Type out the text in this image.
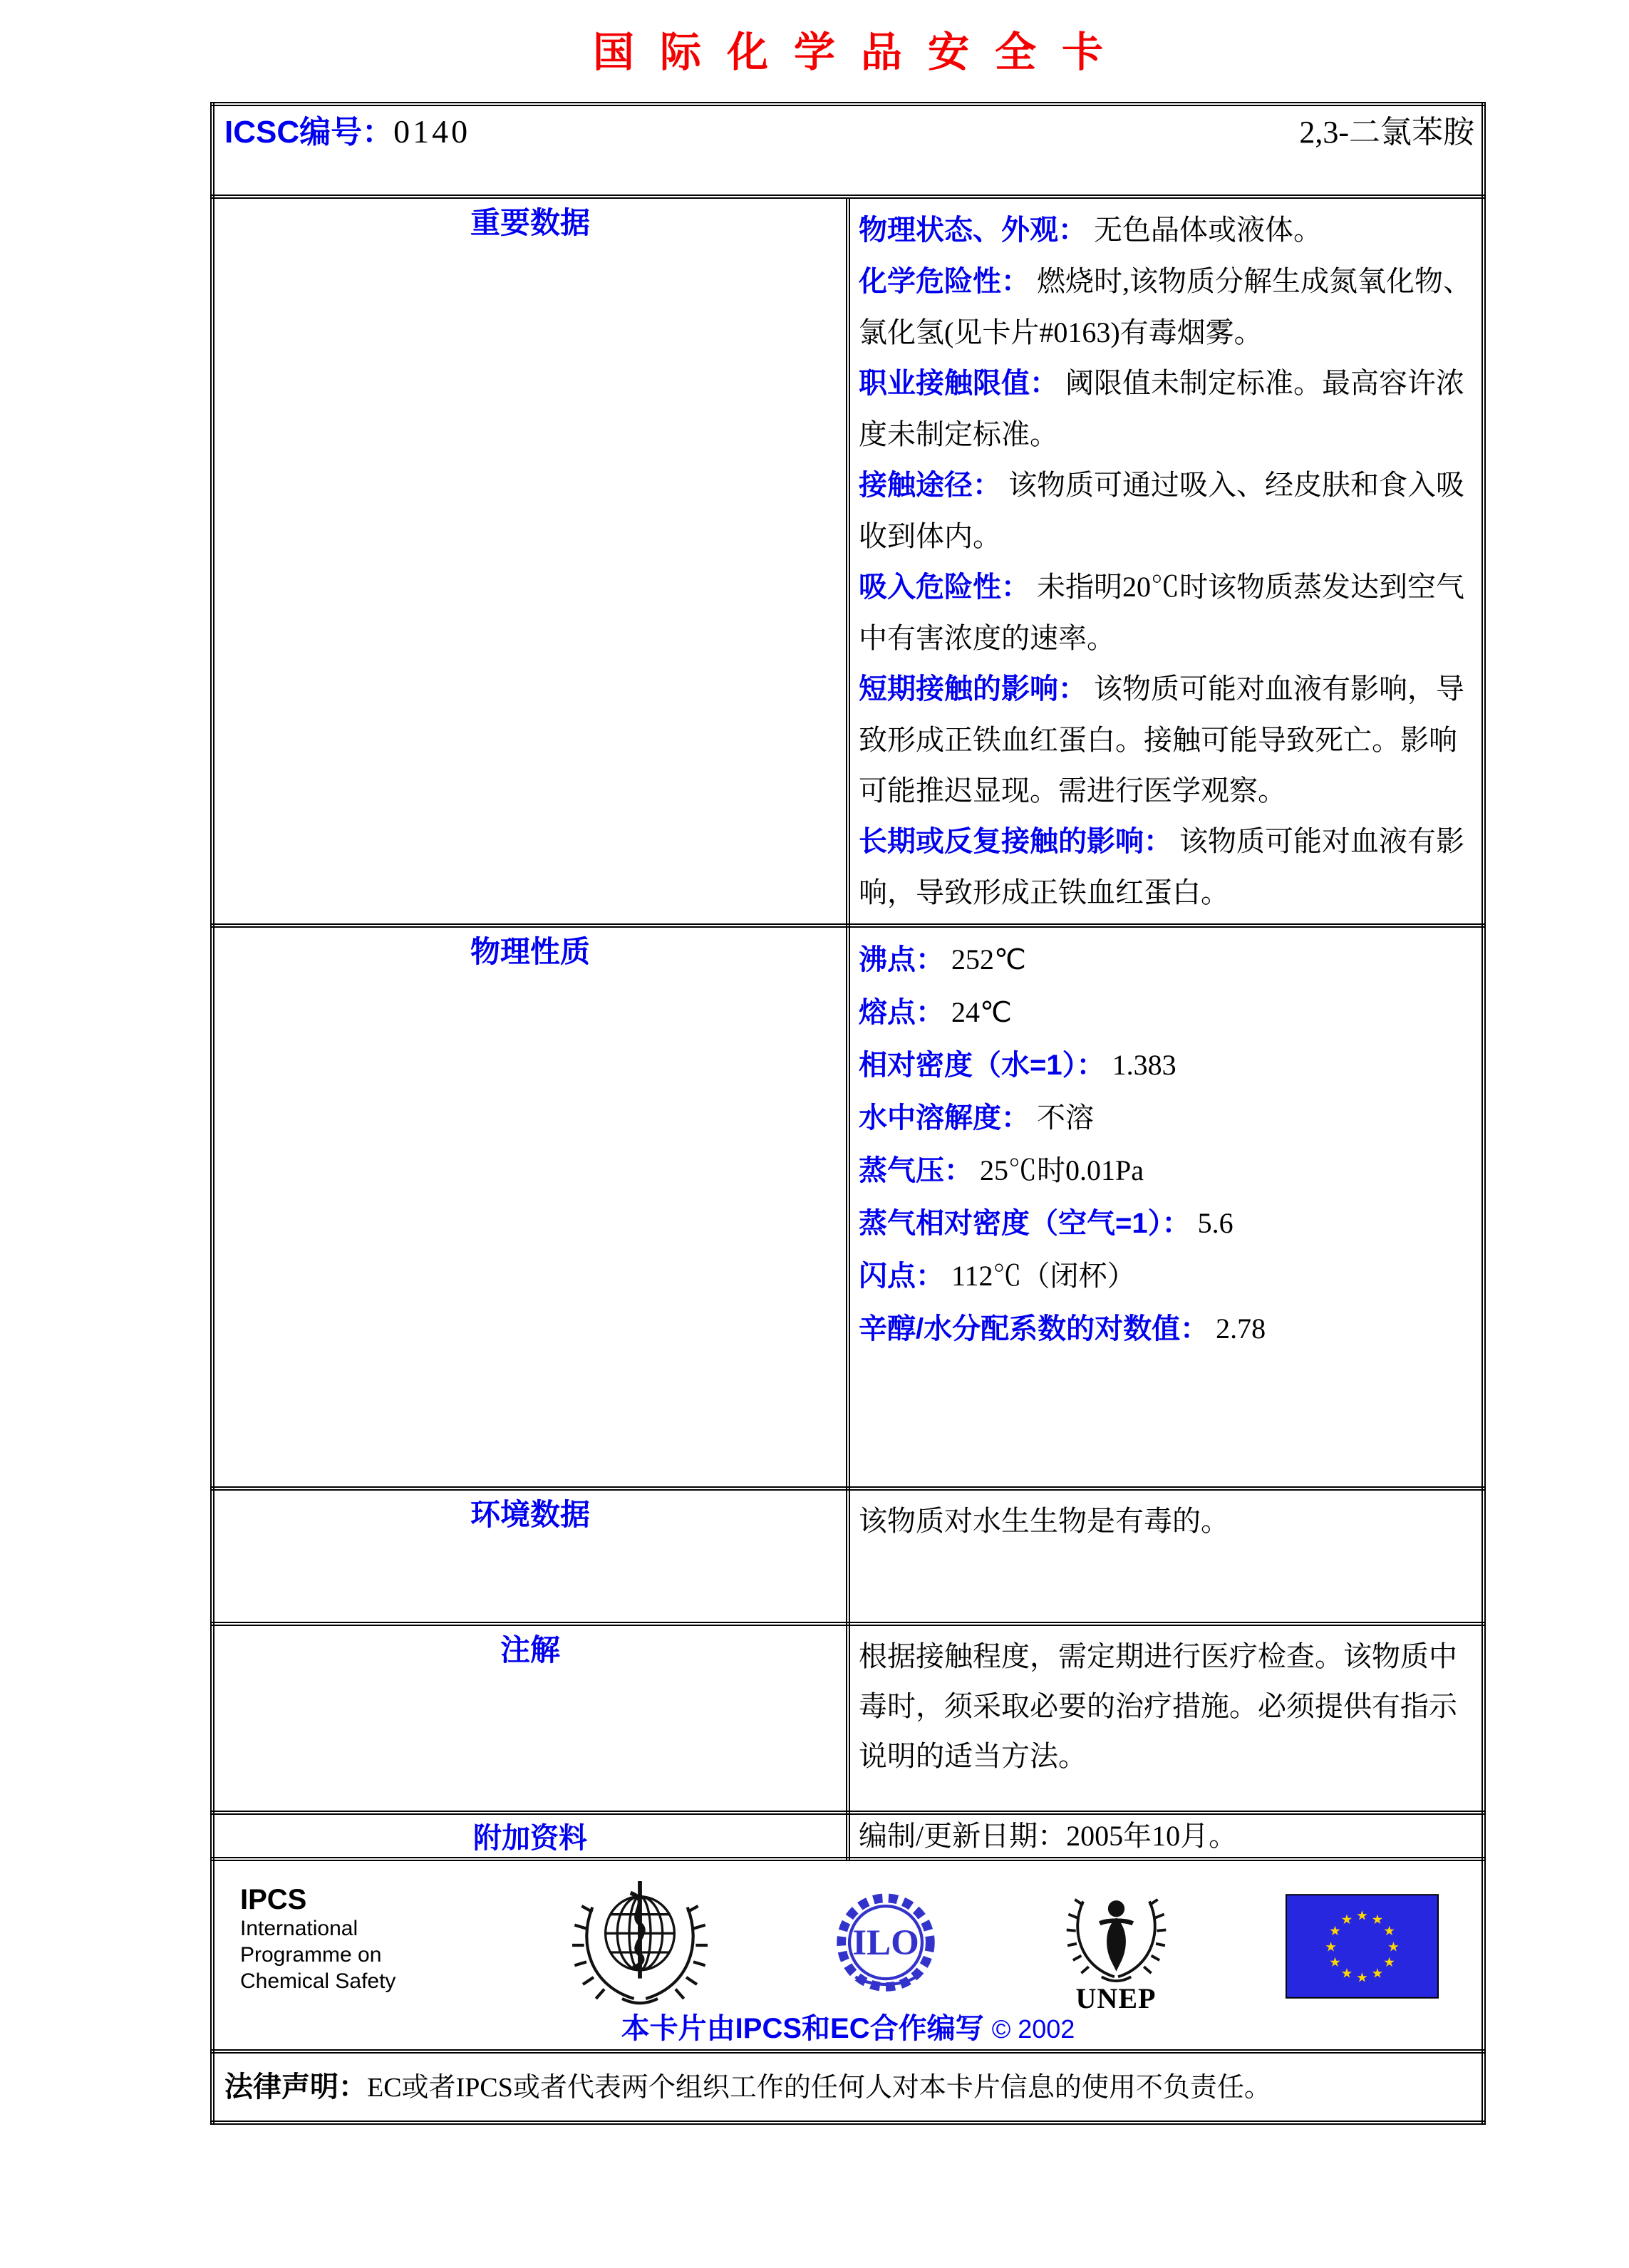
国际化学品安全卡
ICSC编号：0140 2,3-二氯苯胺	

重要数据	物理状态、外观： 无色晶体或液体。
化学危险性： 燃烧时,该物质分解生成氮氧化物、氯化氢(见卡片#0163)有毒烟雾。
职业接触限值： 阈限值未制定标准。最高容许浓度未制定标准。
接触途径： 该物质可通过吸入、经皮肤和食入吸收到体内。
吸入危险性： 未指明20℃时该物质蒸发达到空气中有害浓度的速率。
短期接触的影响： 该物质可能对血液有影响，导致形成正铁血红蛋白。接触可能导致死亡。影响可能推迟显现。需进行医学观察。
长期或反复接触的影响： 该物质可能对血液有影响，导致形成正铁血红蛋白。

物理性质	沸点： 252℃
熔点： 24℃
相对密度（水=1）： 1.383
水中溶解度： 不溶
蒸气压： 25℃时0.01Pa
蒸气相对密度（空气=1）： 5.6
闪点： 112℃（闭杯）
辛醇/水分配系数的对数值： 2.78

环境数据	该物质对水生生物是有毒的。
注解	根据接触程度，需定期进行医疗检查。该物质中毒时，须采取必要的治疗措施。必须提供有指示说明的适当方法。
附加资料	编制/更新日期：2005年10月。

IPCS
International
Programme on
Chemical Safety
ILO
UNEP
★ ★
★
★
★
★
★
★
★
★
★
★
本卡片由IPCS和EC合作编写 © 2002

法律声明：EC或者IPCS或者代表两个组织工作的任何人对本卡片信息的使用不负责任。	
